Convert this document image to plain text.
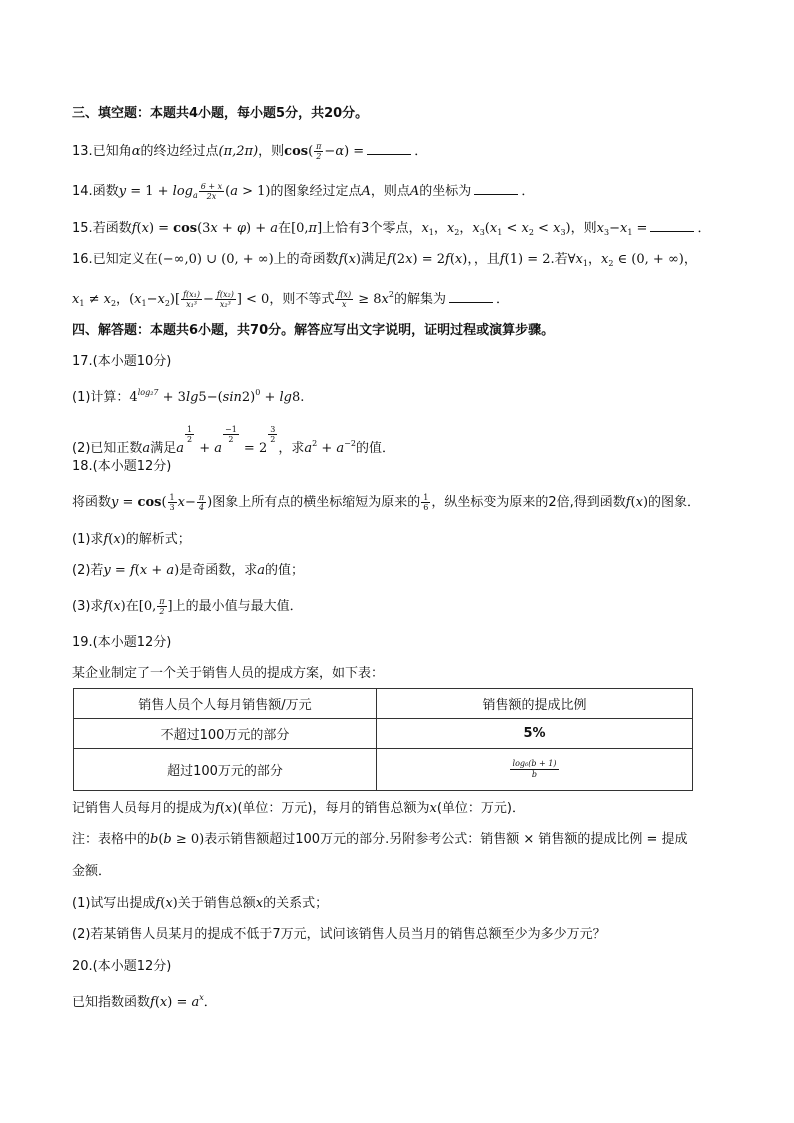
三、填空题：本题共4小题，每小题5分，共20分。
13.已知角α的终边经过点(π,2π)，则$\cos( \frac{\pi}{2} -\alpha)$ =	．
14.函数$y = 1 + \log_a \frac{6 + x}{2x} (a > 1)$的图象经过定点A，则点A的坐标为	．
15.若函数f(x) = cos(3x + φ) + a在[0,π]上恰有3个零点，$x_1$，$x_2$，$x_3(x_1 < x_2 < x_3)$，则$x_3-x_1$ =	．
16.已知定义在(−∞,0) ∪ (0, + ∞)上的奇函数f(x)满足f(2x) = 2f(x)，，且f(1) = 2.若$\forall x_1$，$x_2$ ∈ (0, + ∞)，
$x_1 \ne x_2$，$(x_1-x_2)[ \frac{\text{f(x₁)}}{\text{x₁³}} - \frac{\text{f(x₂)}}{\text{x₂³}}$ ] < 0，则不等式 $\frac{f(x)}{x} \ge 8x^2$的解集为	．
四、解答题：本题共6小题，共70分。解答应写出文字说明，证明过程或演算步骤。
17.(本小题10分)
(1)计算：$4^{log_27} + 3\lg 5-(\sin 2)^0 + \lg 8$.
(2)已知正数a满足a
$\frac{1}{2}$
+ a
$\frac{-1}{2}$
= 2
$\frac{3}{2}$
，求$a^2 + a^{-2}$的值．
18.(本小题12分)
将函数$y = \cos( \frac{1}{3} x- \frac{\pi}{4}$ )图象上所有点的横坐标缩短为原来的 $\frac{1}{6}$ ，纵坐标变为原来的2倍,得到函数f(x)的图象．
(1)求f(x)的解析式；
(2)若y = f(x + a)是奇函数，求a的值；
(3)求f(x)在[0, $\frac{\pi}{2}$ ]上的最小值与最大值．
19.(本小题12分)
某企业制定了一个关于销售人员的提成方案，如下表：
销售人员个人每月销售额/万元	销售额的提成比例
不超过100万元的部分	5%
超过100万元的部分	$\frac{\text{log₆(b + 1)}}{b}$
记销售人员每月的提成为f(x)(单位：万元)，每月的销售总额为x(单位：万元)．
注：表格中的b(b ≥ 0)表示销售额超过100万元的部分.另附参考公式：销售额 × 销售额的提成比例 = 提成
金额．
(1)试写出提成f(x)关于销售总额x的关系式；
(2)若某销售人员某月的提成不低于7万元，试问该销售人员当月的销售总额至少为多少万元？
20.(本小题12分)
已知指数函数$f(x) = a^x$．
